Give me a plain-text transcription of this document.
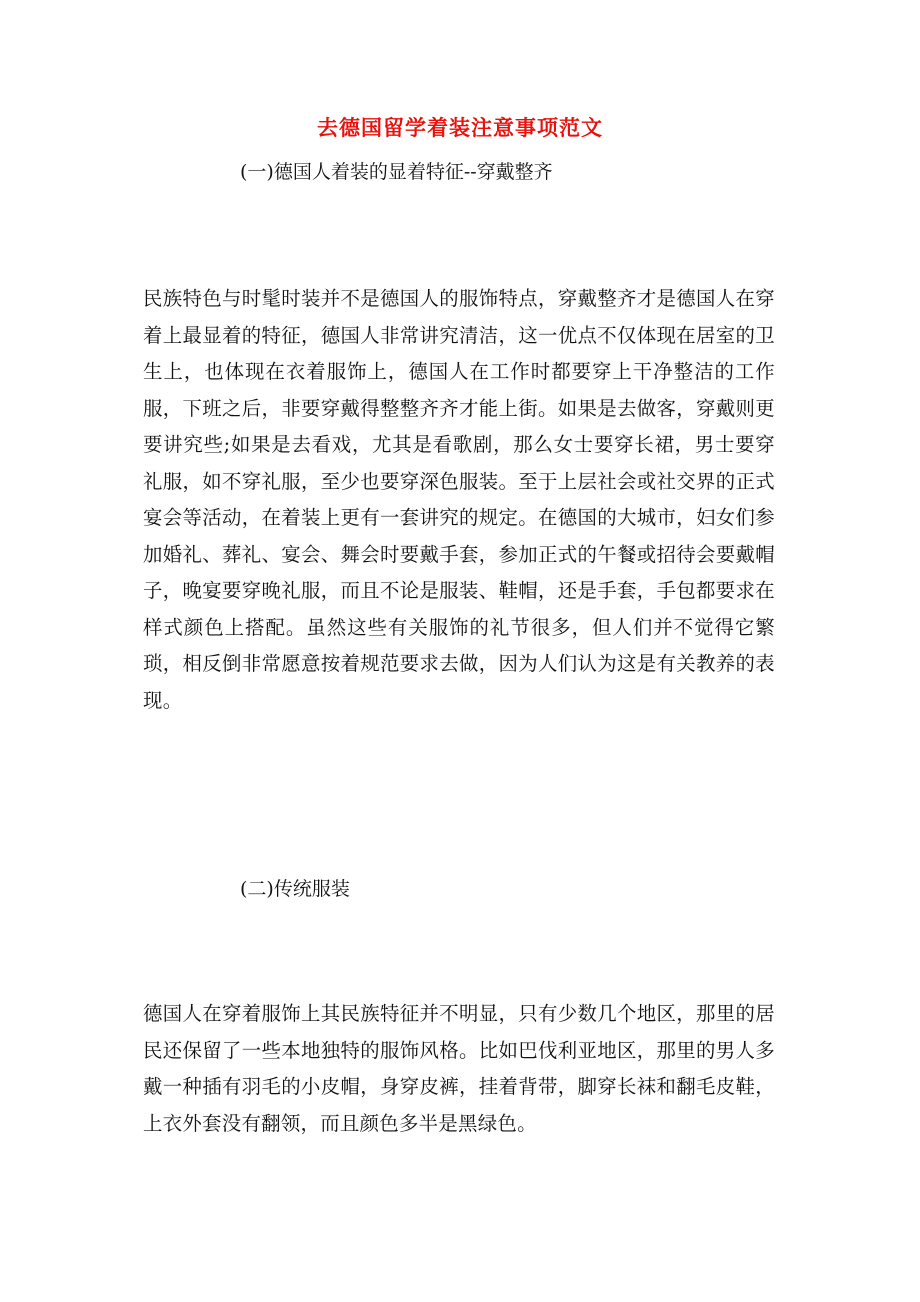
去德国留学着装注意事项范文
(一)德国人着装的显着特征--穿戴整齐

民族特色与时髦时装并不是德国人的服饰特点，穿戴整齐才是德国人在穿着上最显着的特征，德国人非常讲究清洁，这一优点不仅体现在居室的卫生上，也体现在衣着服饰上，德国人在工作时都要穿上干净整洁的工作服，下班之后，非要穿戴得整整齐齐才能上街。如果是去做客，穿戴则更要讲究些;如果是去看戏，尤其是看歌剧，那么女士要穿长裙，男士要穿礼服，如不穿礼服，至少也要穿深色服装。至于上层社会或社交界的正式宴会等活动，在着装上更有一套讲究的规定。在德国的大城市，妇女们参加婚礼、葬礼、宴会、舞会时要戴手套，参加正式的午餐或招待会要戴帽子，晚宴要穿晚礼服，而且不论是服装、鞋帽，还是手套，手包都要求在样式颜色上搭配。虽然这些有关服饰的礼节很多，但人们并不觉得它繁琐，相反倒非常愿意按着规范要求去做，因为人们认为这是有关教养的表现。

(二)传统服装

德国人在穿着服饰上其民族特征并不明显，只有少数几个地区，那里的居民还保留了一些本地独特的服饰风格。比如巴伐利亚地区，那里的男人多戴一种插有羽毛的小皮帽，身穿皮裤，挂着背带，脚穿长袜和翻毛皮鞋，上衣外套没有翻领，而且颜色多半是黑绿色。
